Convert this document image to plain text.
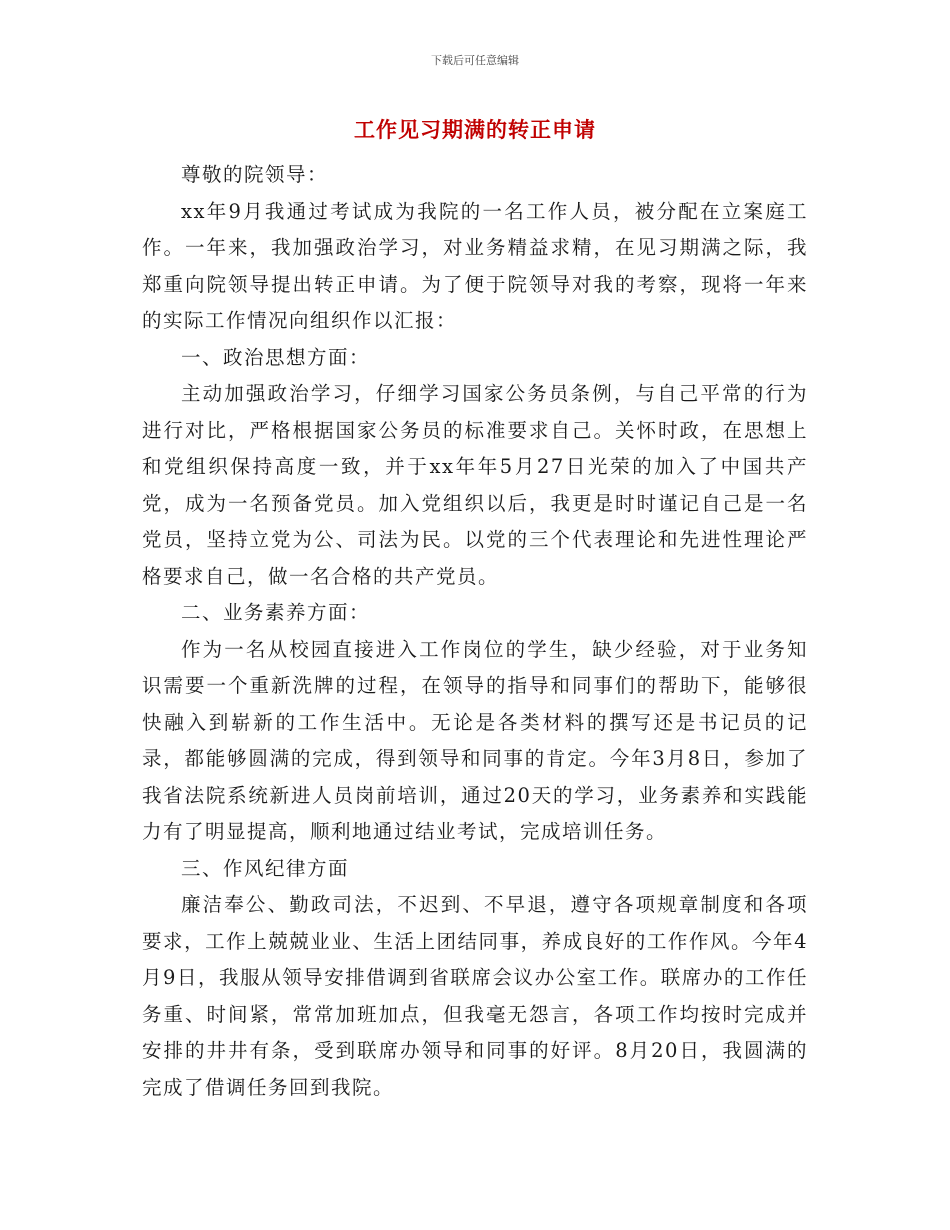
下载后可任意编辑
工作见习期满的转正申请

尊敬的院领导：

xx年9月我通过考试成为我院的一名工作人员，被分配在立案庭工作。一年来，我加强政治学习，对业务精益求精，在见习期满之际，我郑重向院领导提出转正申请。为了便于院领导对我的考察，现将一年来的实际工作情况向组织作以汇报：

一、政治思想方面：

主动加强政治学习，仔细学习国家公务员条例，与自己平常的行为进行对比，严格根据国家公务员的标准要求自己。关怀时政，在思想上和党组织保持高度一致，并于xx年年5月27日光荣的加入了中国共产党，成为一名预备党员。加入党组织以后，我更是时时谨记自己是一名党员，坚持立党为公、司法为民。以党的三个代表理论和先进性理论严格要求自己，做一名合格的共产党员。

二、业务素养方面：

作为一名从校园直接进入工作岗位的学生，缺少经验，对于业务知识需要一个重新洗牌的过程，在领导的指导和同事们的帮助下，能够很快融入到崭新的工作生活中。无论是各类材料的撰写还是书记员的记录，都能够圆满的完成，得到领导和同事的肯定。今年3月8日，参加了我省法院系统新进人员岗前培训，通过20天的学习，业务素养和实践能力有了明显提高，顺利地通过结业考试，完成培训任务。

三、作风纪律方面

廉洁奉公、勤政司法，不迟到、不早退，遵守各项规章制度和各项要求，工作上兢兢业业、生活上团结同事，养成良好的工作作风。今年4月9日，我服从领导安排借调到省联席会议办公室工作。联席办的工作任务重、时间紧，常常加班加点，但我毫无怨言，各项工作均按时完成并安排的井井有条，受到联席办领导和同事的好评。8月20日，我圆满的完成了借调任务回到我院。
